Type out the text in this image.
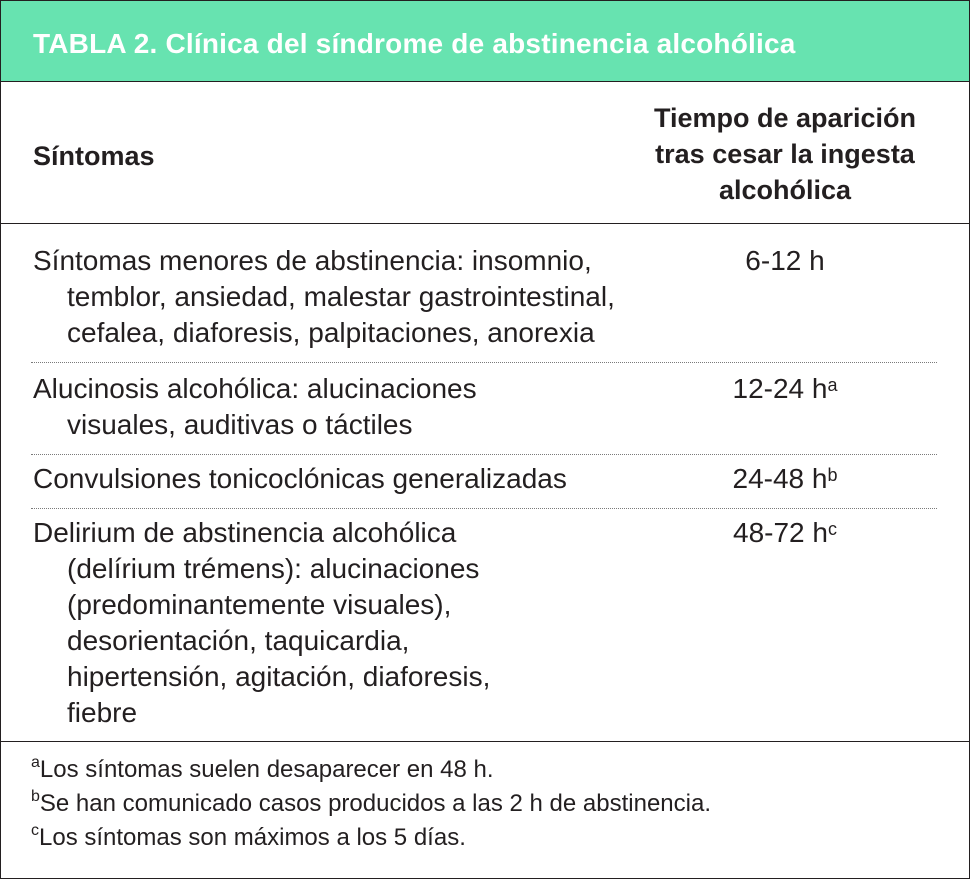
TABLA 2. Clínica del síndrome de abstinencia alcohólica
Síntomas
Tiempo de aparición
tras cesar la ingesta
alcohólica
Síntomas menores de abstinencia: insomnio,
temblor, ansiedad, malestar gastrointestinal,
cefalea, diaforesis, palpitaciones, anorexia
6-12 h
Alucinosis alcohólica: alucinaciones
visuales, auditivas o táctiles
12-24 $h^a$
Convulsiones tonicoclónicas generalizadas	24-48 $h^b$
Delirium de abstinencia alcohólica
(delírium trémens): alucinaciones
(predominantemente visuales),
desorientación, taquicardia,
hipertensión, agitación, diaforesis,
fiebre
48-72 $h^c$
$^a$Los síntomas suelen desaparecer en 48 h.
$^b$Se han comunicado casos producidos a las 2 h de abstinencia.
$^c$Los síntomas son máximos a los 5 días.
